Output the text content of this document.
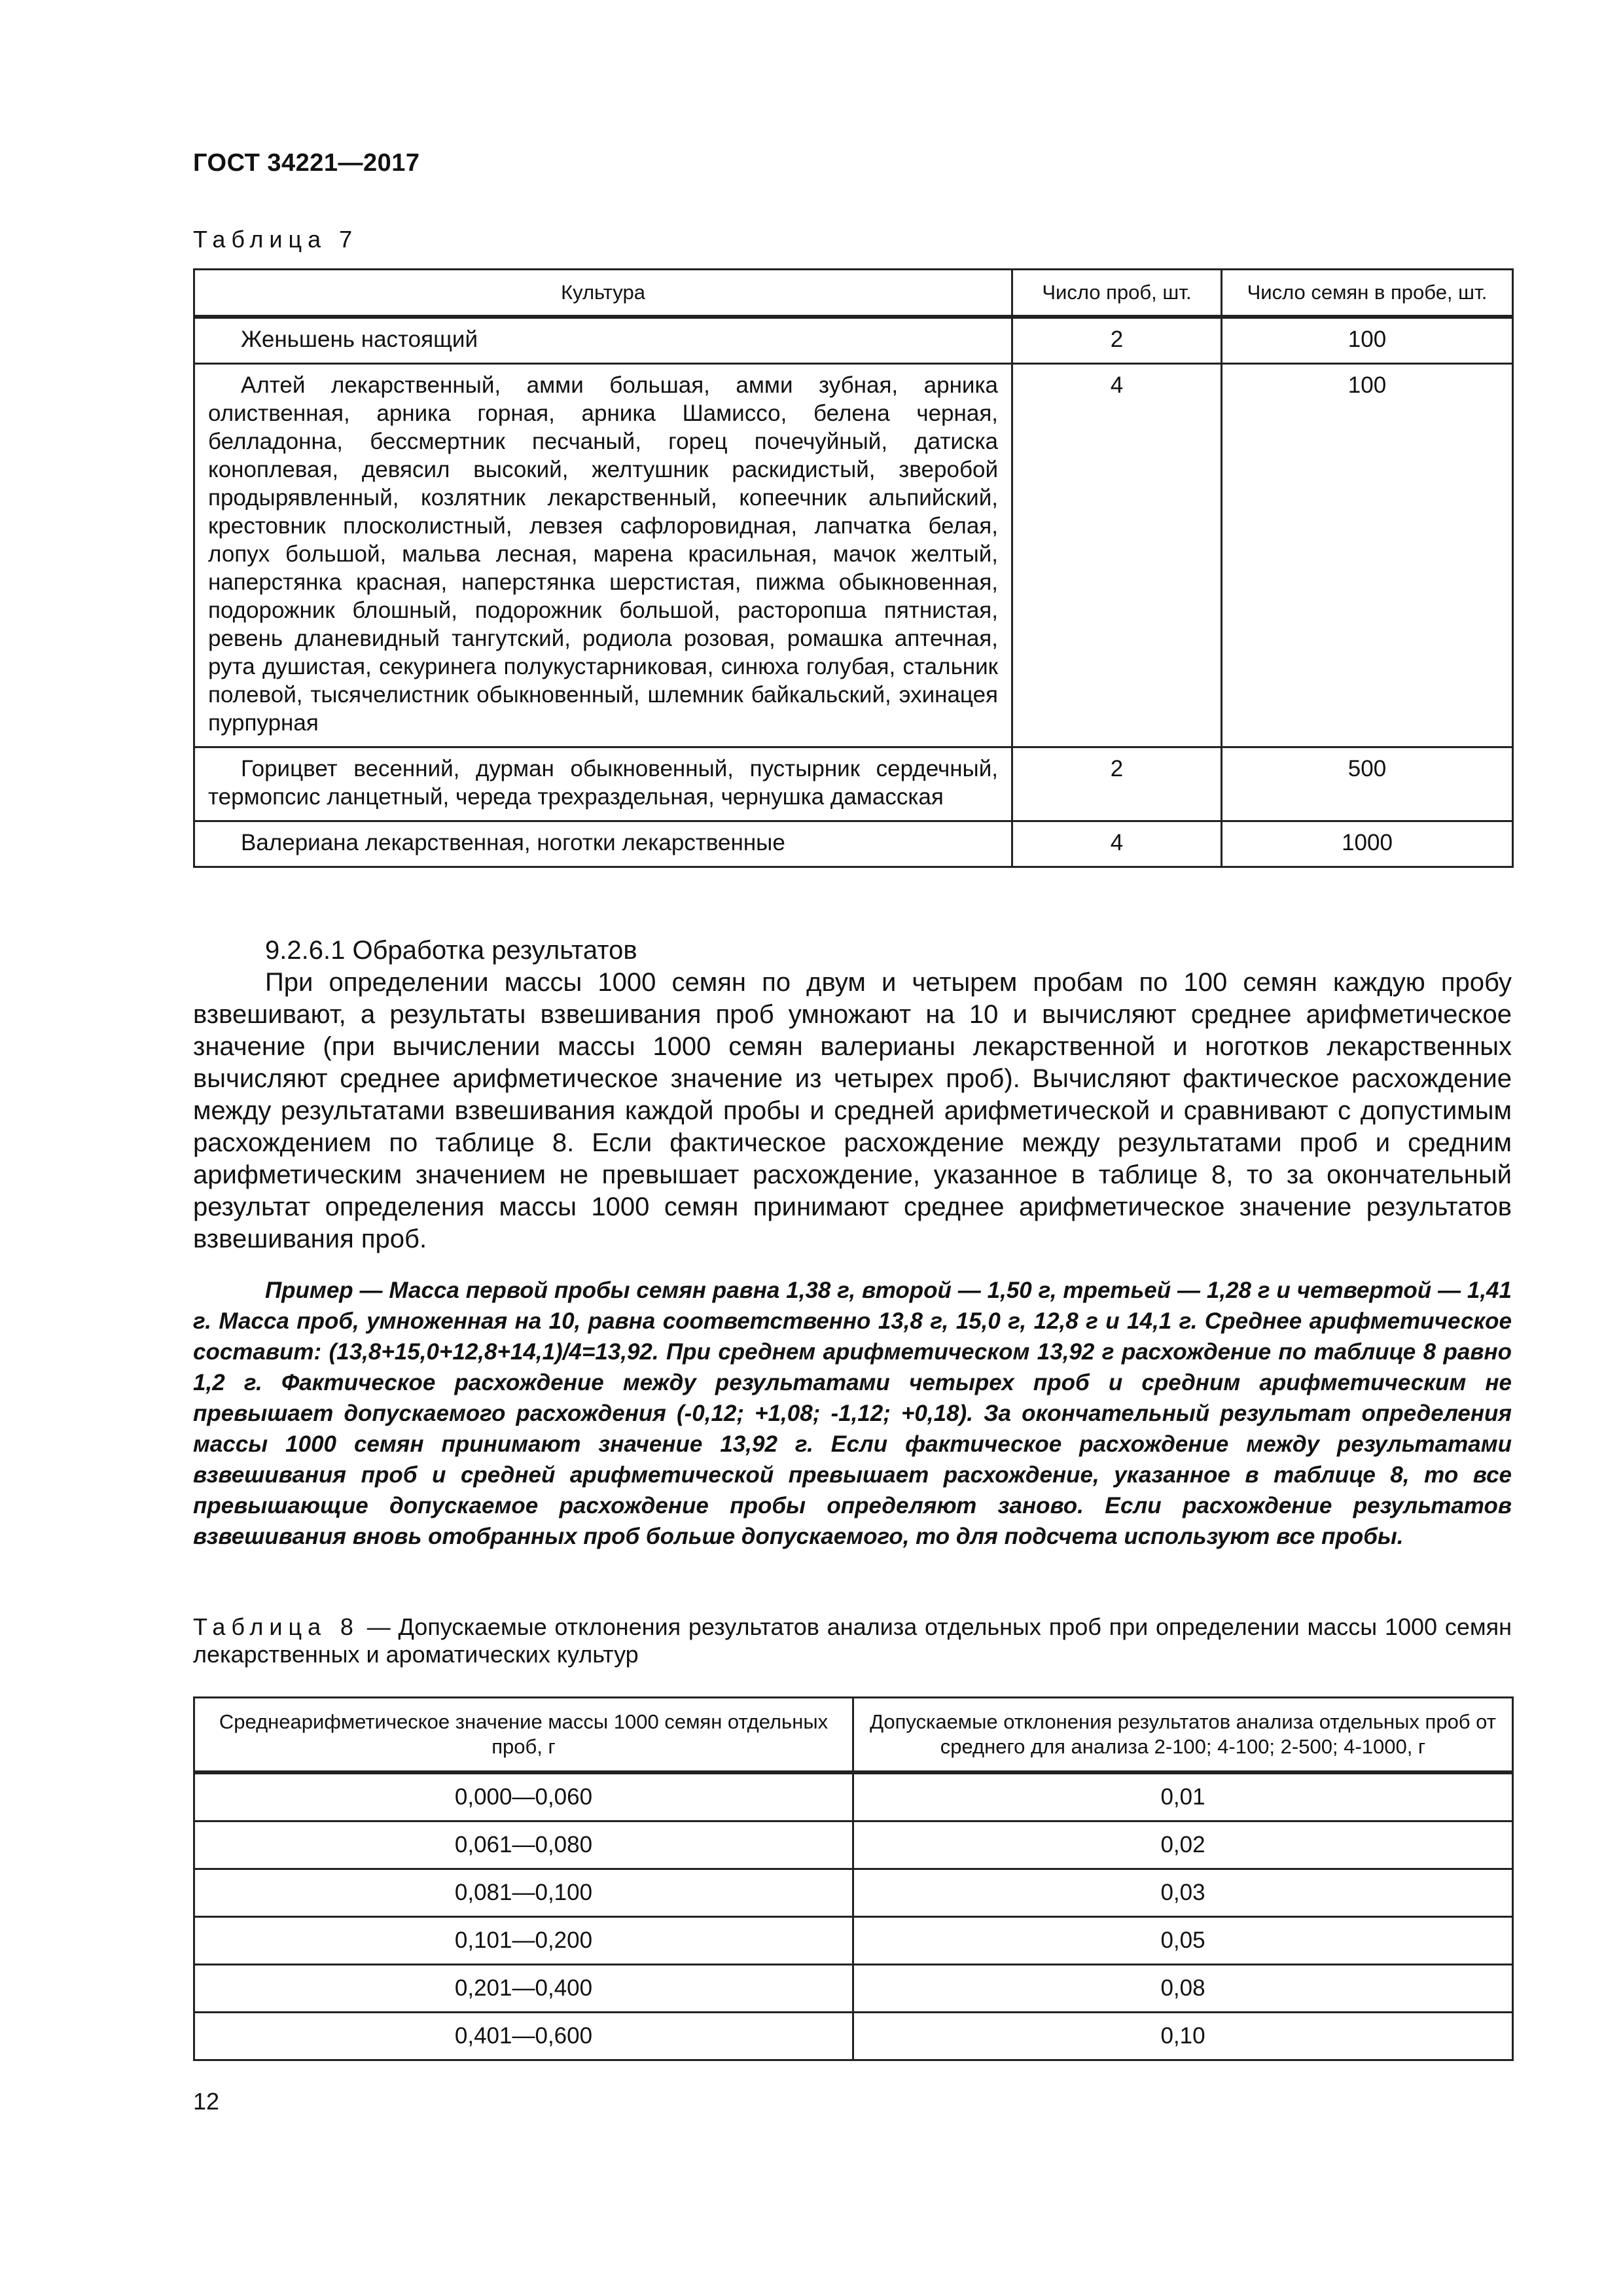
ГОСТ 34221—2017
Таблица 7
Культура	Число проб, шт.	Число семян в пробе, шт.
Женьшень настоящий	2	100
Алтей лекарственный, амми большая, амми зубная, арника олиственная, арника горная, арника Шамиссо, белена черная, белладонна, бессмертник песчаный, горец почечуйный, датиска коноплевая, девясил высокий, желтушник раскидистый, зверобой продырявленный, козлятник лекарственный, копеечник альпийский, крестовник плосколистный, левзея сафлоровидная, лапчатка белая, лопух большой, мальва лесная, марена красильная, мачок желтый, наперстянка красная, наперстянка шерстистая, пижма обыкновенная, подорожник блошный, подорожник большой, расторопша пятнистая, ревень дланевидный тангутский, родиола розовая, ромашка аптечная, рута душистая, секуринега полукустарниковая, синюха голубая, стальник полевой, тысячелистник обыкновенный, шлемник байкальский, эхинацея пурпурная	4	100
Горицвет весенний, дурман обыкновенный, пустырник сердечный, термопсис ланцетный, череда трехраздельная, чернушка дамасская	2	500
Валериана лекарственная, ноготки лекарственные	4	1000
9.2.6.1 Обработка результатов
При определении массы 1000 семян по двум и четырем пробам по 100 семян каждую пробу взвешивают, а результаты взвешивания проб умножают на 10 и вычисляют среднее арифметическое значение (при вычислении массы 1000 семян валерианы лекарственной и ноготков лекарственных вычисляют среднее арифметическое значение из четырех проб). Вычисляют фактическое расхождение между результатами взвешивания каждой пробы и средней арифметической и сравнивают с допустимым расхождением по таблице 8. Если фактическое расхождение между результатами проб и средним арифметическим значением не превышает расхождение, указанное в таблице 8, то за окончательный результат определения массы 1000 семян принимают среднее арифметическое значение результатов взвешивания проб.
Пример — Масса первой пробы семян равна 1,38 г, второй — 1,50 г, третьей — 1,28 г и четвертой — 1,41 г. Масса проб, умноженная на 10, равна соответственно 13,8 г, 15,0 г, 12,8 г и 14,1 г. Среднее арифметическое составит: (13,8+15,0+12,8+14,1)/4=13,92. При среднем арифметическом 13,92 г расхождение по таблице 8 равно 1,2 г. Фактическое расхождение между результатами четырех проб и средним арифметическим не превышает допускаемого расхождения (-0,12; +1,08; -1,12; +0,18). За окончательный результат определения массы 1000 семян принимают значение 13,92 г. Если фактическое расхождение между результатами взвешивания проб и средней арифметической превышает расхождение, указанное в таблице 8, то все превышающие допускаемое расхождение пробы определяют заново. Если расхождение результатов взвешивания вновь отобранных проб больше допускаемого, то для подсчета используют все пробы.
Таблица 8 — Допускаемые отклонения результатов анализа отдельных проб при определении массы 1000 семян лекарственных и ароматических культур
Среднеарифметическое значение массы 1000 семян отдельных проб, г	Допускаемые отклонения результатов анализа отдельных проб от среднего для анализа 2-100; 4-100; 2-500; 4-1000, г
0,000—0,060	0,01
0,061—0,080	0,02
0,081—0,100	0,03
0,101—0,200	0,05
0,201—0,400	0,08
0,401—0,600	0,10
12
